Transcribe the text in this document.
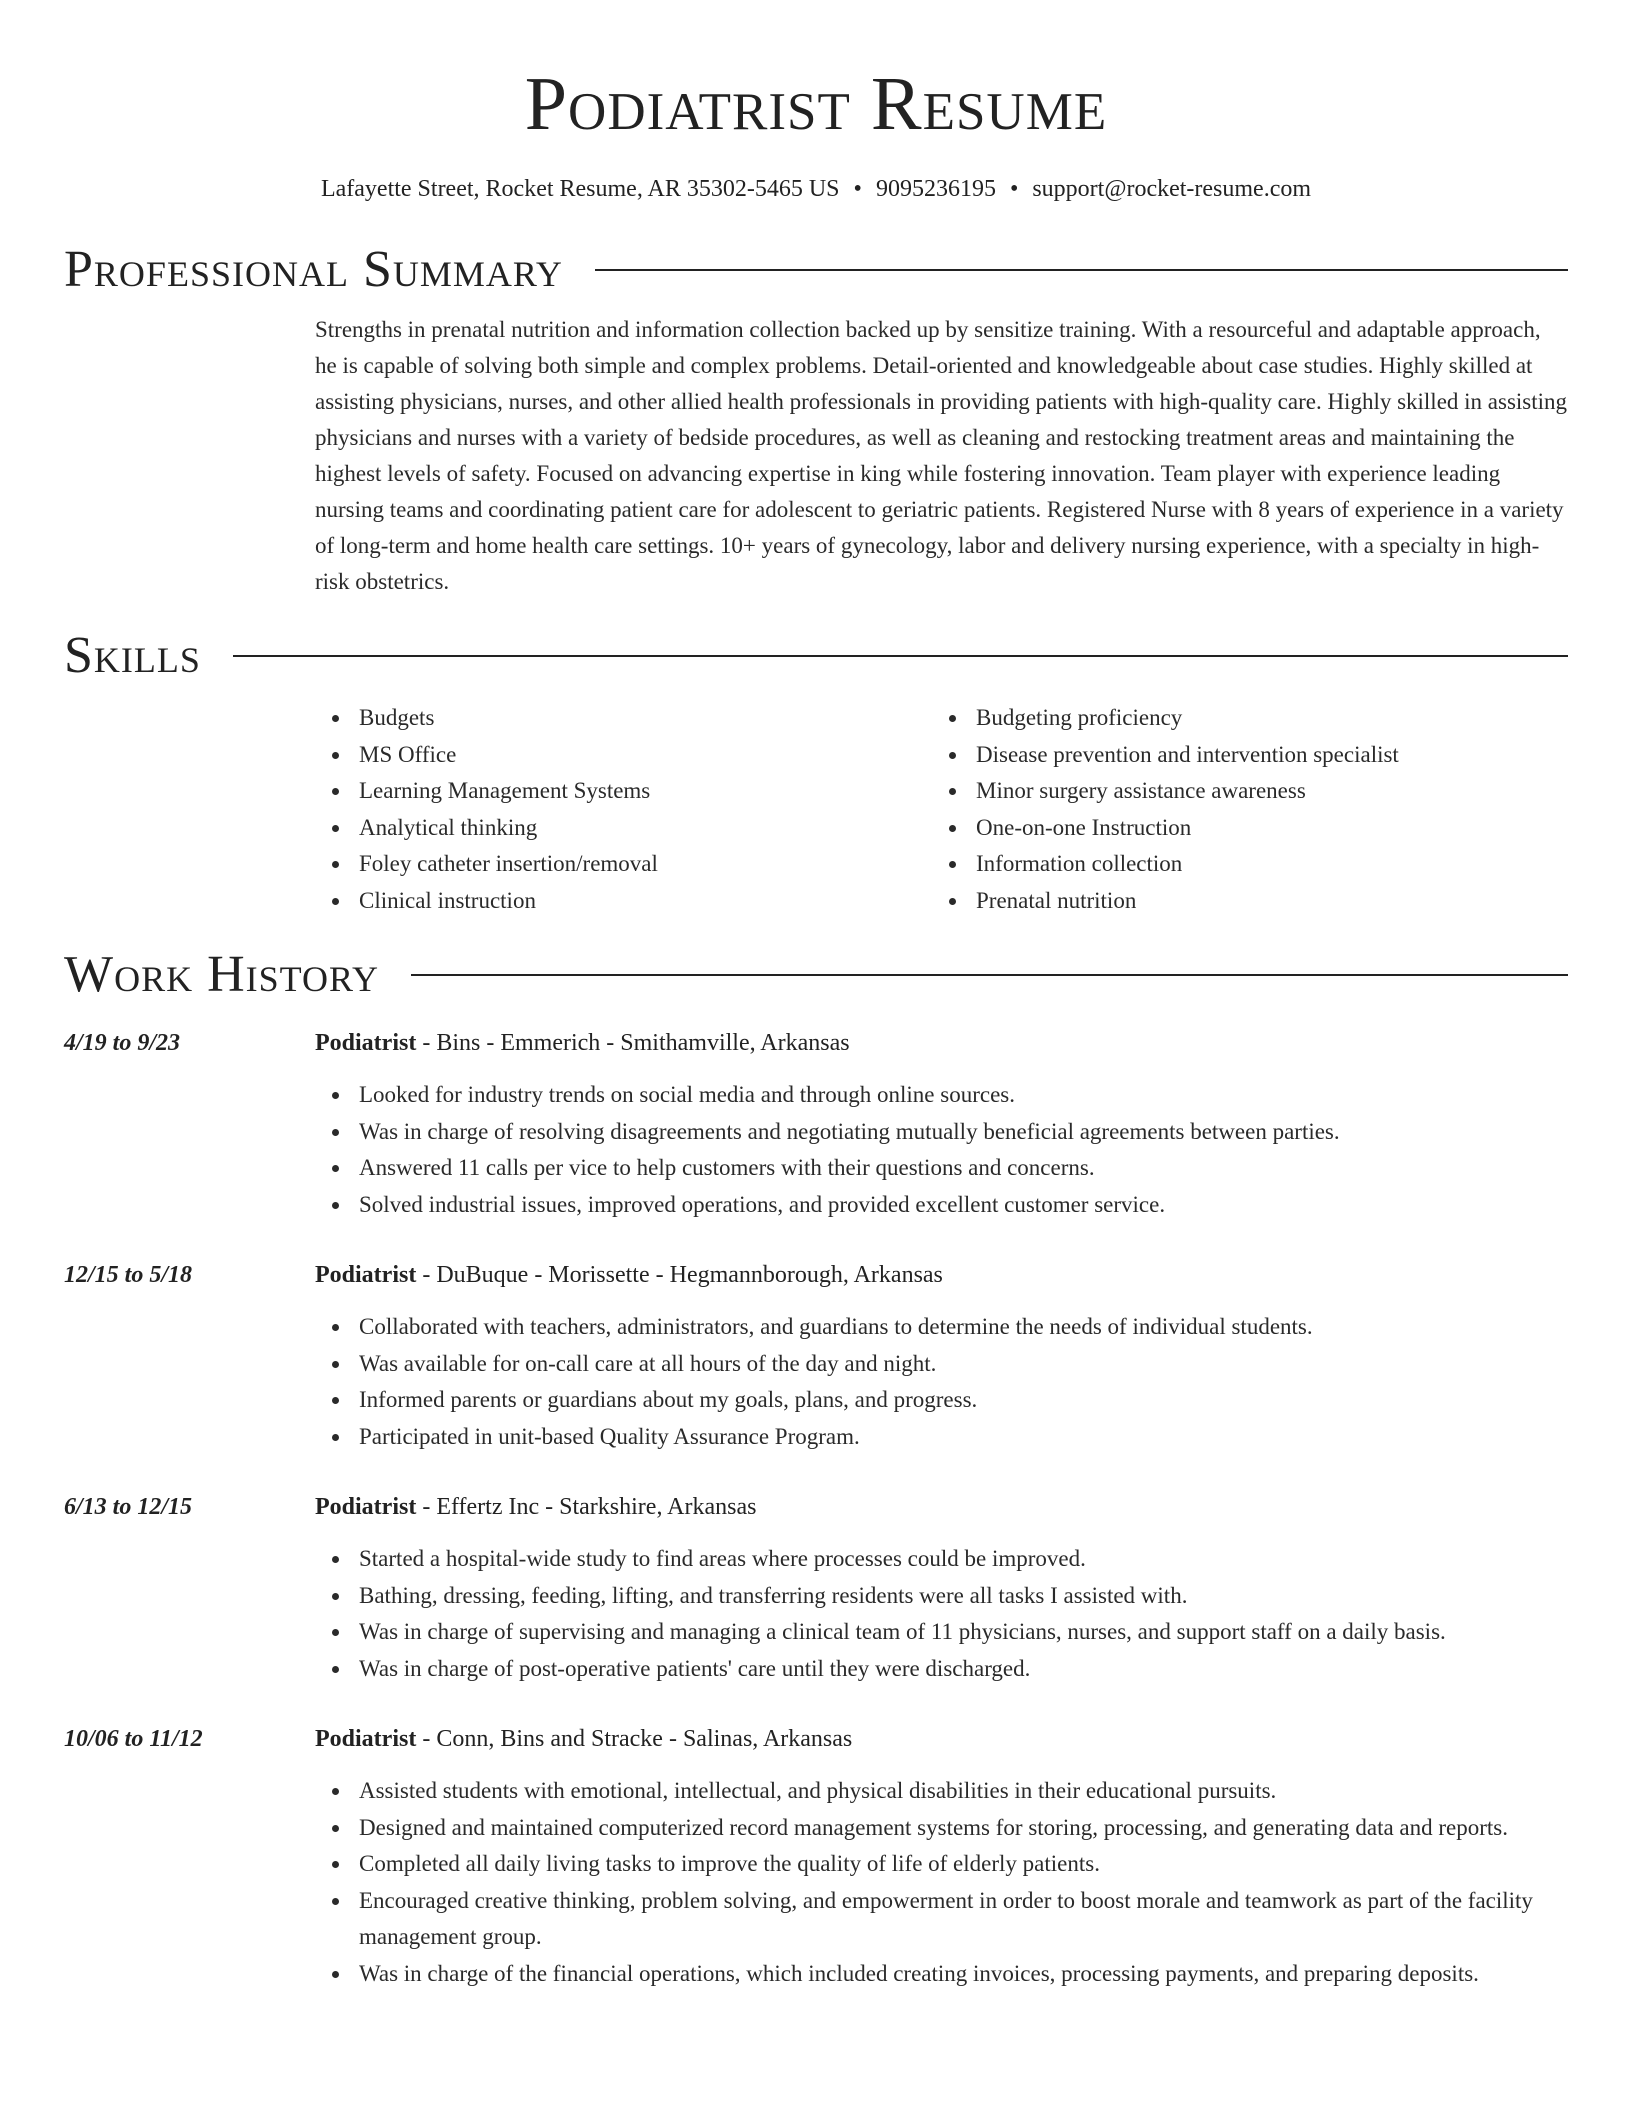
Podiatrist Resume
Lafayette Street, Rocket Resume, AR 35302-5465 US • 9095236195 • support@rocket-resume.com
Professional Summary

Strengths in prenatal nutrition and information collection backed up by sensitize training. With a resourceful and adaptable approach, he is capable of solving both simple and complex problems. Detail-oriented and knowledgeable about case studies. Highly skilled at assisting physicians, nurses, and other allied health professionals in providing patients with high-quality care. Highly skilled in assisting physicians and nurses with a variety of bedside procedures, as well as cleaning and restocking treatment areas and maintaining the highest levels of safety. Focused on advancing expertise in king while fostering innovation. Team player with experience leading nursing teams and coordinating patient care for adolescent to geriatric patients. Registered Nurse with 8 years of experience in a variety of long-term and home health care settings. 10+ years of gynecology, labor and delivery nursing experience, with a specialty in high-risk obstetrics.

Skills
Budgets
MS Office
Learning Management Systems
Analytical thinking
Foley catheter insertion/removal
Clinical instruction
Budgeting proficiency
Disease prevention and intervention specialist
Minor surgery assistance awareness
One-on-one Instruction
Information collection
Prenatal nutrition
Work History
4/19 to 9/23	Podiatrist - Bins - Emmerich - Smithamville, Arkansas
Looked for industry trends on social media and through online sources.
Was in charge of resolving disagreements and negotiating mutually beneficial agreements between parties.
Answered 11 calls per vice to help customers with their questions and concerns.
Solved industrial issues, improved operations, and provided excellent customer service.
12/15 to 5/18	Podiatrist - DuBuque - Morissette - Hegmannborough, Arkansas
Collaborated with teachers, administrators, and guardians to determine the needs of individual students.
Was available for on-call care at all hours of the day and night.
Informed parents or guardians about my goals, plans, and progress.
Participated in unit-based Quality Assurance Program.
6/13 to 12/15	Podiatrist - Effertz Inc - Starkshire, Arkansas
Started a hospital-wide study to find areas where processes could be improved.
Bathing, dressing, feeding, lifting, and transferring residents were all tasks I assisted with.
Was in charge of supervising and managing a clinical team of 11 physicians, nurses, and support staff on a daily basis.
Was in charge of post-operative patients' care until they were discharged.
10/06 to 11/12	Podiatrist - Conn, Bins and Stracke - Salinas, Arkansas
Assisted students with emotional, intellectual, and physical disabilities in their educational pursuits.
Designed and maintained computerized record management systems for storing, processing, and generating data and reports.
Completed all daily living tasks to improve the quality of life of elderly patients.
Encouraged creative thinking, problem solving, and empowerment in order to boost morale and teamwork as part of the facility management group.
Was in charge of the financial operations, which included creating invoices, processing payments, and preparing deposits.
